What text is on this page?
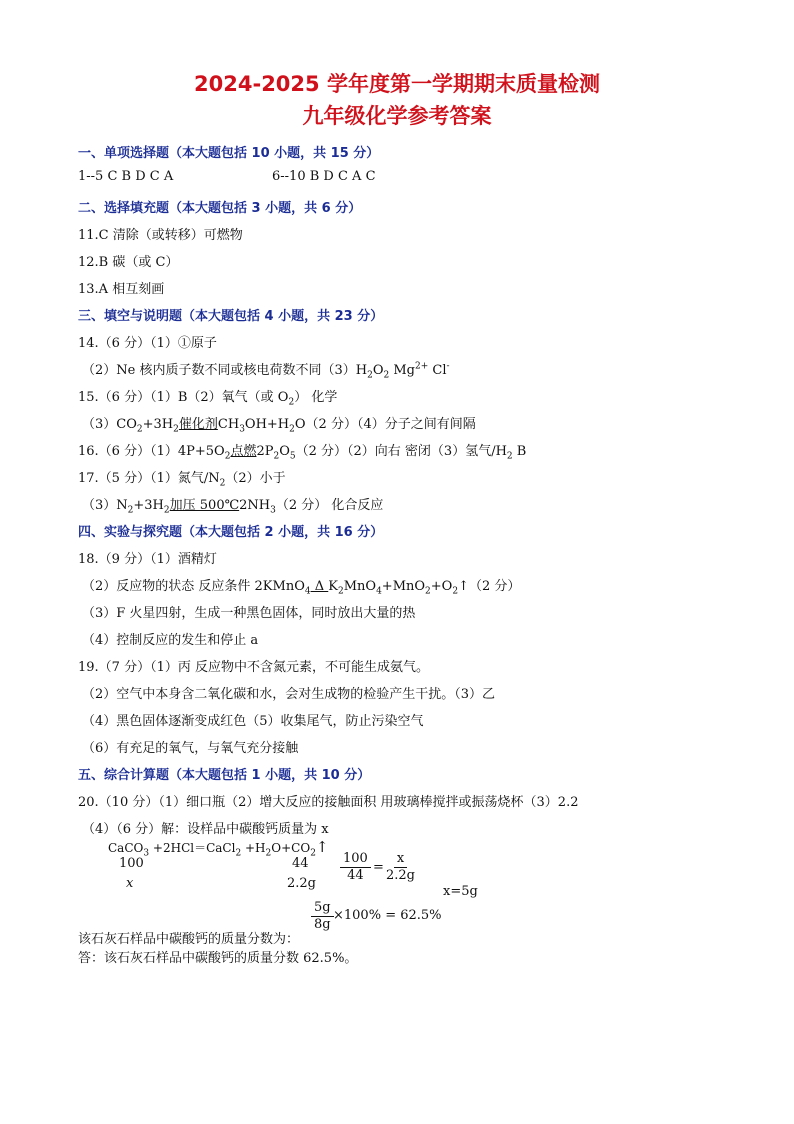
2024-2025 学年度第一学期期末质量检测
九年级化学参考答案
一、单项选择题（本大题包括 10 小题，共 15 分）
1--5 C B D C A	6--10 B D C A C
二、选择填充题（本大题包括 3 小题，共 6 分）
11.C 清除（或转移）可燃物
12.B 碳（或 C）
13.A 相互刻画
三、填空与说明题（本大题包括 4 小题，共 23 分）
14.（6 分）（1）①原子
（2）Ne 核内质子数不同或核电荷数不同$(3)H_2O_2$ $Mg^{2+}$ Cl-
15.（6 分）（1）B（2）氧气（或 $O_2$） 化学
$(3)CO_2+3H_2$催化剂$CH_3OH+H_2O(2$ 分）（4）分子之间有间隔
16.（6 分）$(1)4P+5O_2$点燃$2P_2O_5(2$ 分）（2）向右 密闭（3）氢气$/H_2$ B
17.（5 分）（1）氮气$/N_2(2)$小于
$(3)N_2+3H_2$加压 $500℃2NH_3(2$ 分） 化合反应
四、实验与探究题（本大题包括 2 小题，共 16 分）
18.（9 分）（1）酒精灯
（2）反应物的状态 反应条件 2KMnO$_4$ Δ $K_2MnO_4+MnO_2+O_2↑(2$ 分）
（3）F 火星四射，生成一种黑色固体，同时放出大量的热
（4）控制反应的发生和停止 a
19.（7 分）（1）丙 反应物中不含氮元素，不可能生成氨气。
（2）空气中本身含二氧化碳和水，会对生成物的检验产生干扰。（3）乙
（4）黑色固体逐渐变成红色（5）收集尾气，防止污染空气
（6）有充足的氧气，与氧气充分接触
五、综合计算题（本大题包括 1 小题，共 10 分）
20.（10 分）（1）细口瓶（2）增大反应的接触面积 用玻璃棒搅拌或振荡烧杯（3）2.2
（4）（6 分）解：设样品中碳酸钙质量为 x
CaCO$_3$ +2HCl＝CaCl$_2$ $+H_2O+CO_2↑$
100	44
x	$2.2g \frac{100}{44} = \frac{x}{2.2g}$
x=5g
$\frac{5g}{8g} \times 100\% = 62.5\%$
该石灰石样品中碳酸钙的质量分数为：
答：该石灰石样品中碳酸钙的质量分数 62.5%。
